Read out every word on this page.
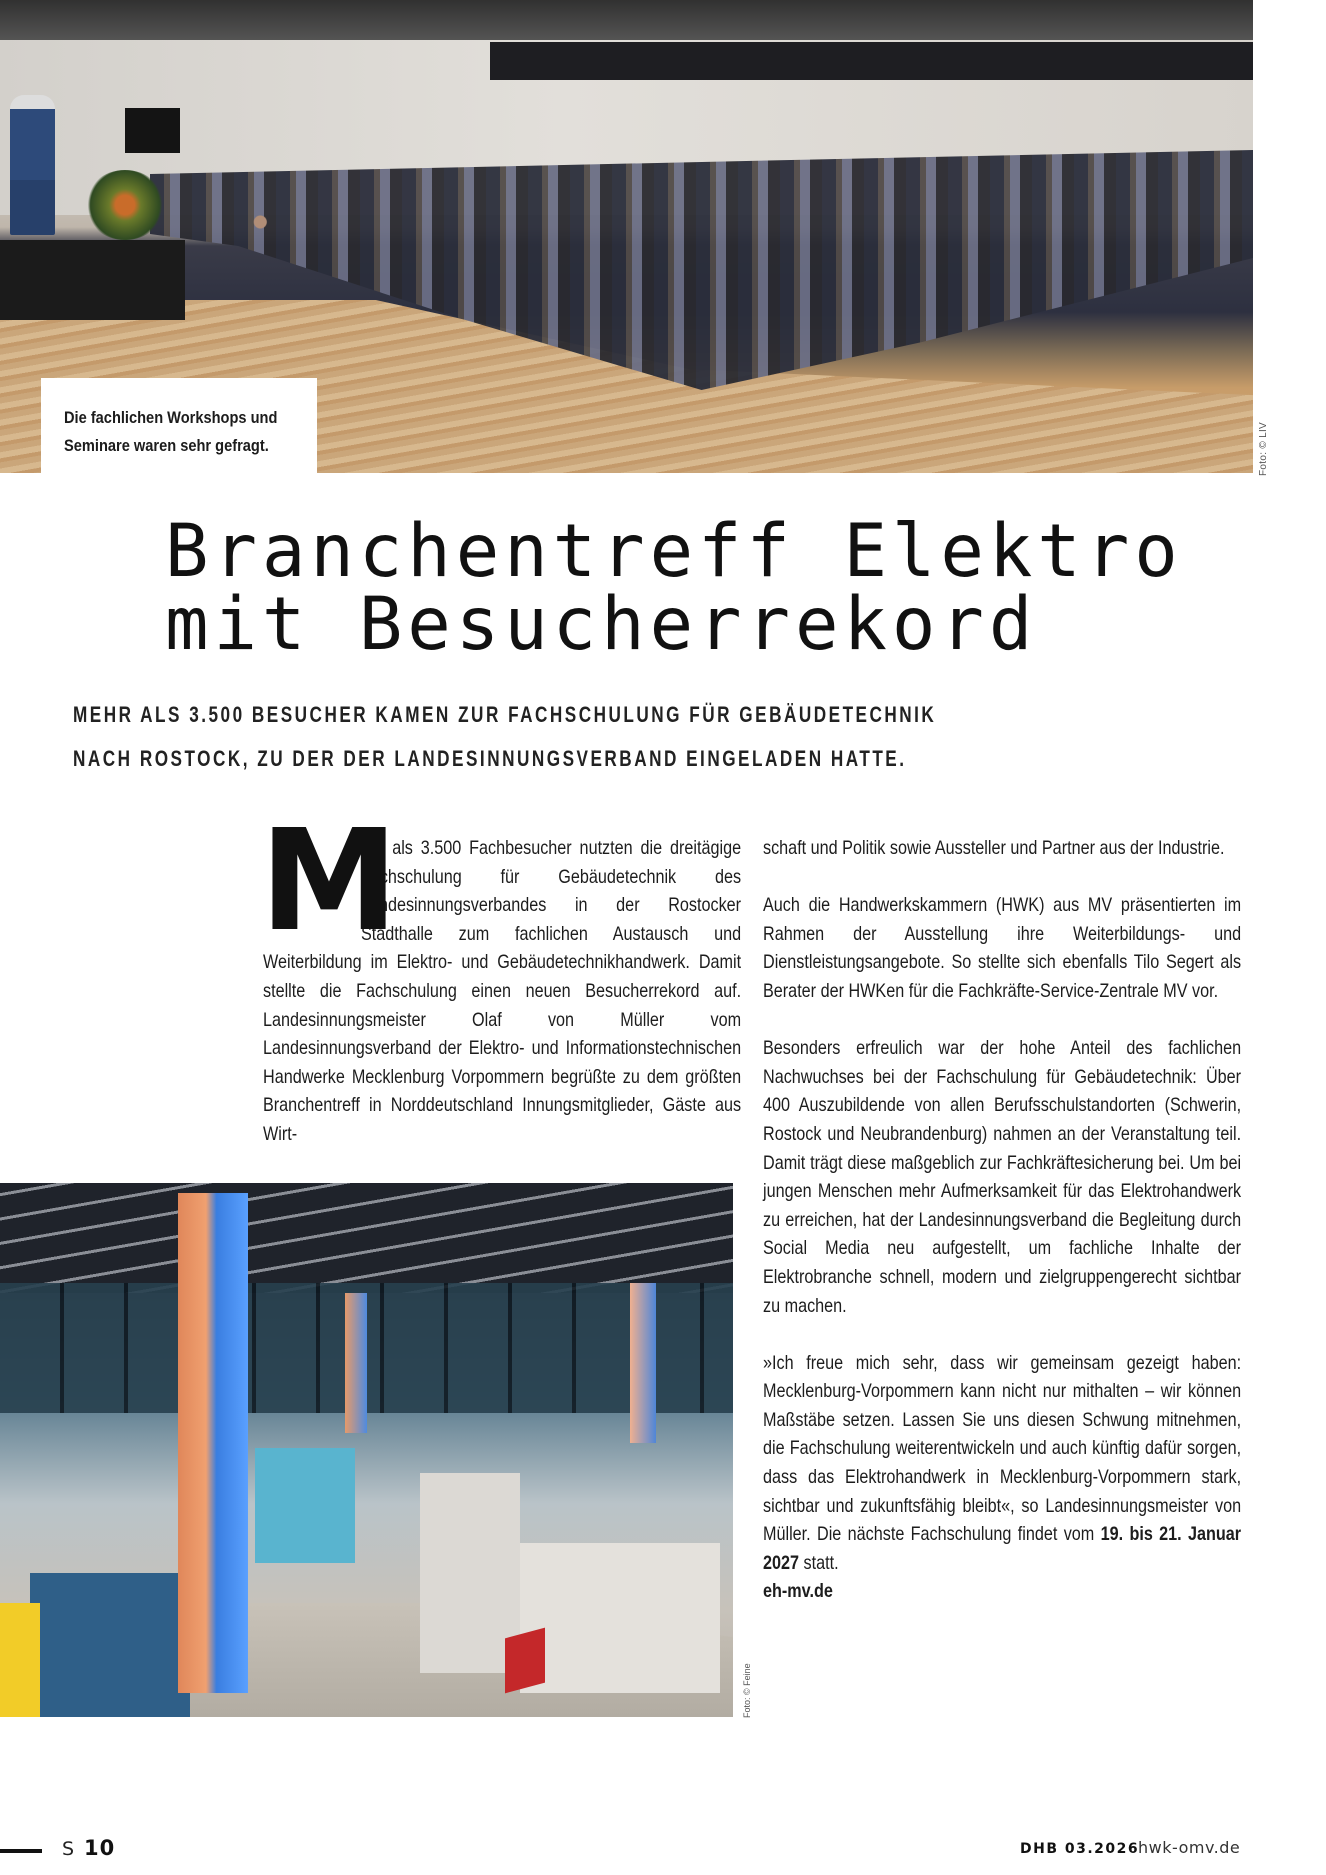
Die fachlichen Workshops und
Seminare waren sehr gefragt.	Foto: © LIV
Branchentreff Elektro
mit Besucherrekord
MEHR ALS 3.500 BESUCHER KAMEN ZUR FACHSCHULUNG FÜR GEBÄUDETECHNIK
NACH ROSTOCK, ZU DER DER LANDESINNUNGSVERBAND EINGELADEN HATTE.
M

ehr als 3.500 Fachbesucher nutzten die dreitägige Fachschulung für Gebäudetechnik des Landesinnungsverbandes in der Rostocker Stadthalle zum fachlichen Austausch und Weiterbildung im Elektro- und Gebäudetechnikhandwerk. Damit stellte die Fachschulung einen neuen Besucherrekord auf. Landesinnungsmeister Olaf von Müller vom Landesinnungsverband der Elektro- und Informationstechnischen Handwerke Mecklenburg Vorpommern begrüßte zu dem größten Branchentreff in Norddeutschland Innungsmitglieder, Gäste aus Wirt-

schaft und Politik sowie Aussteller und Partner aus der Industrie.

Auch die Handwerkskammern (HWK) aus MV präsentierten im Rahmen der Ausstellung ihre Weiterbildungs- und Dienstleistungsangebote. So stellte sich ebenfalls Tilo Segert als Berater der HWKen für die Fachkräfte-Service-Zentrale MV vor.

Besonders erfreulich war der hohe Anteil des fachlichen Nachwuchses bei der Fachschulung für Gebäudetechnik: Über 400 Auszubildende von allen Berufsschulstandorten (Schwerin, Rostock und Neubrandenburg) nahmen an der Veranstaltung teil. Damit trägt diese maßgeblich zur Fachkräftesicherung bei. Um bei jungen Menschen mehr Aufmerksamkeit für das Elektrohandwerk zu erreichen, hat der Landesinnungsverband die Begleitung durch Social Media neu aufgestellt, um fachliche Inhalte der Elektrobranche schnell, modern und zielgruppengerecht sichtbar zu machen.

»Ich freue mich sehr, dass wir gemeinsam gezeigt haben: Mecklenburg-Vorpommern kann nicht nur mithalten – wir können Maßstäbe setzen. Lassen Sie uns diesen Schwung mitnehmen, die Fachschulung weiterentwickeln und auch künftig dafür sorgen, dass das Elektrohandwerk in Mecklenburg-Vorpommern stark, sichtbar und zukunftsfähig bleibt«, so Landesinnungsmeister von Müller. Die nächste Fachschulung findet vom 19. bis 21. Januar 2027 statt.

eh-mv.de

Foto: © Feine
S 10	DHB 03.2026
hwk-omv.de
